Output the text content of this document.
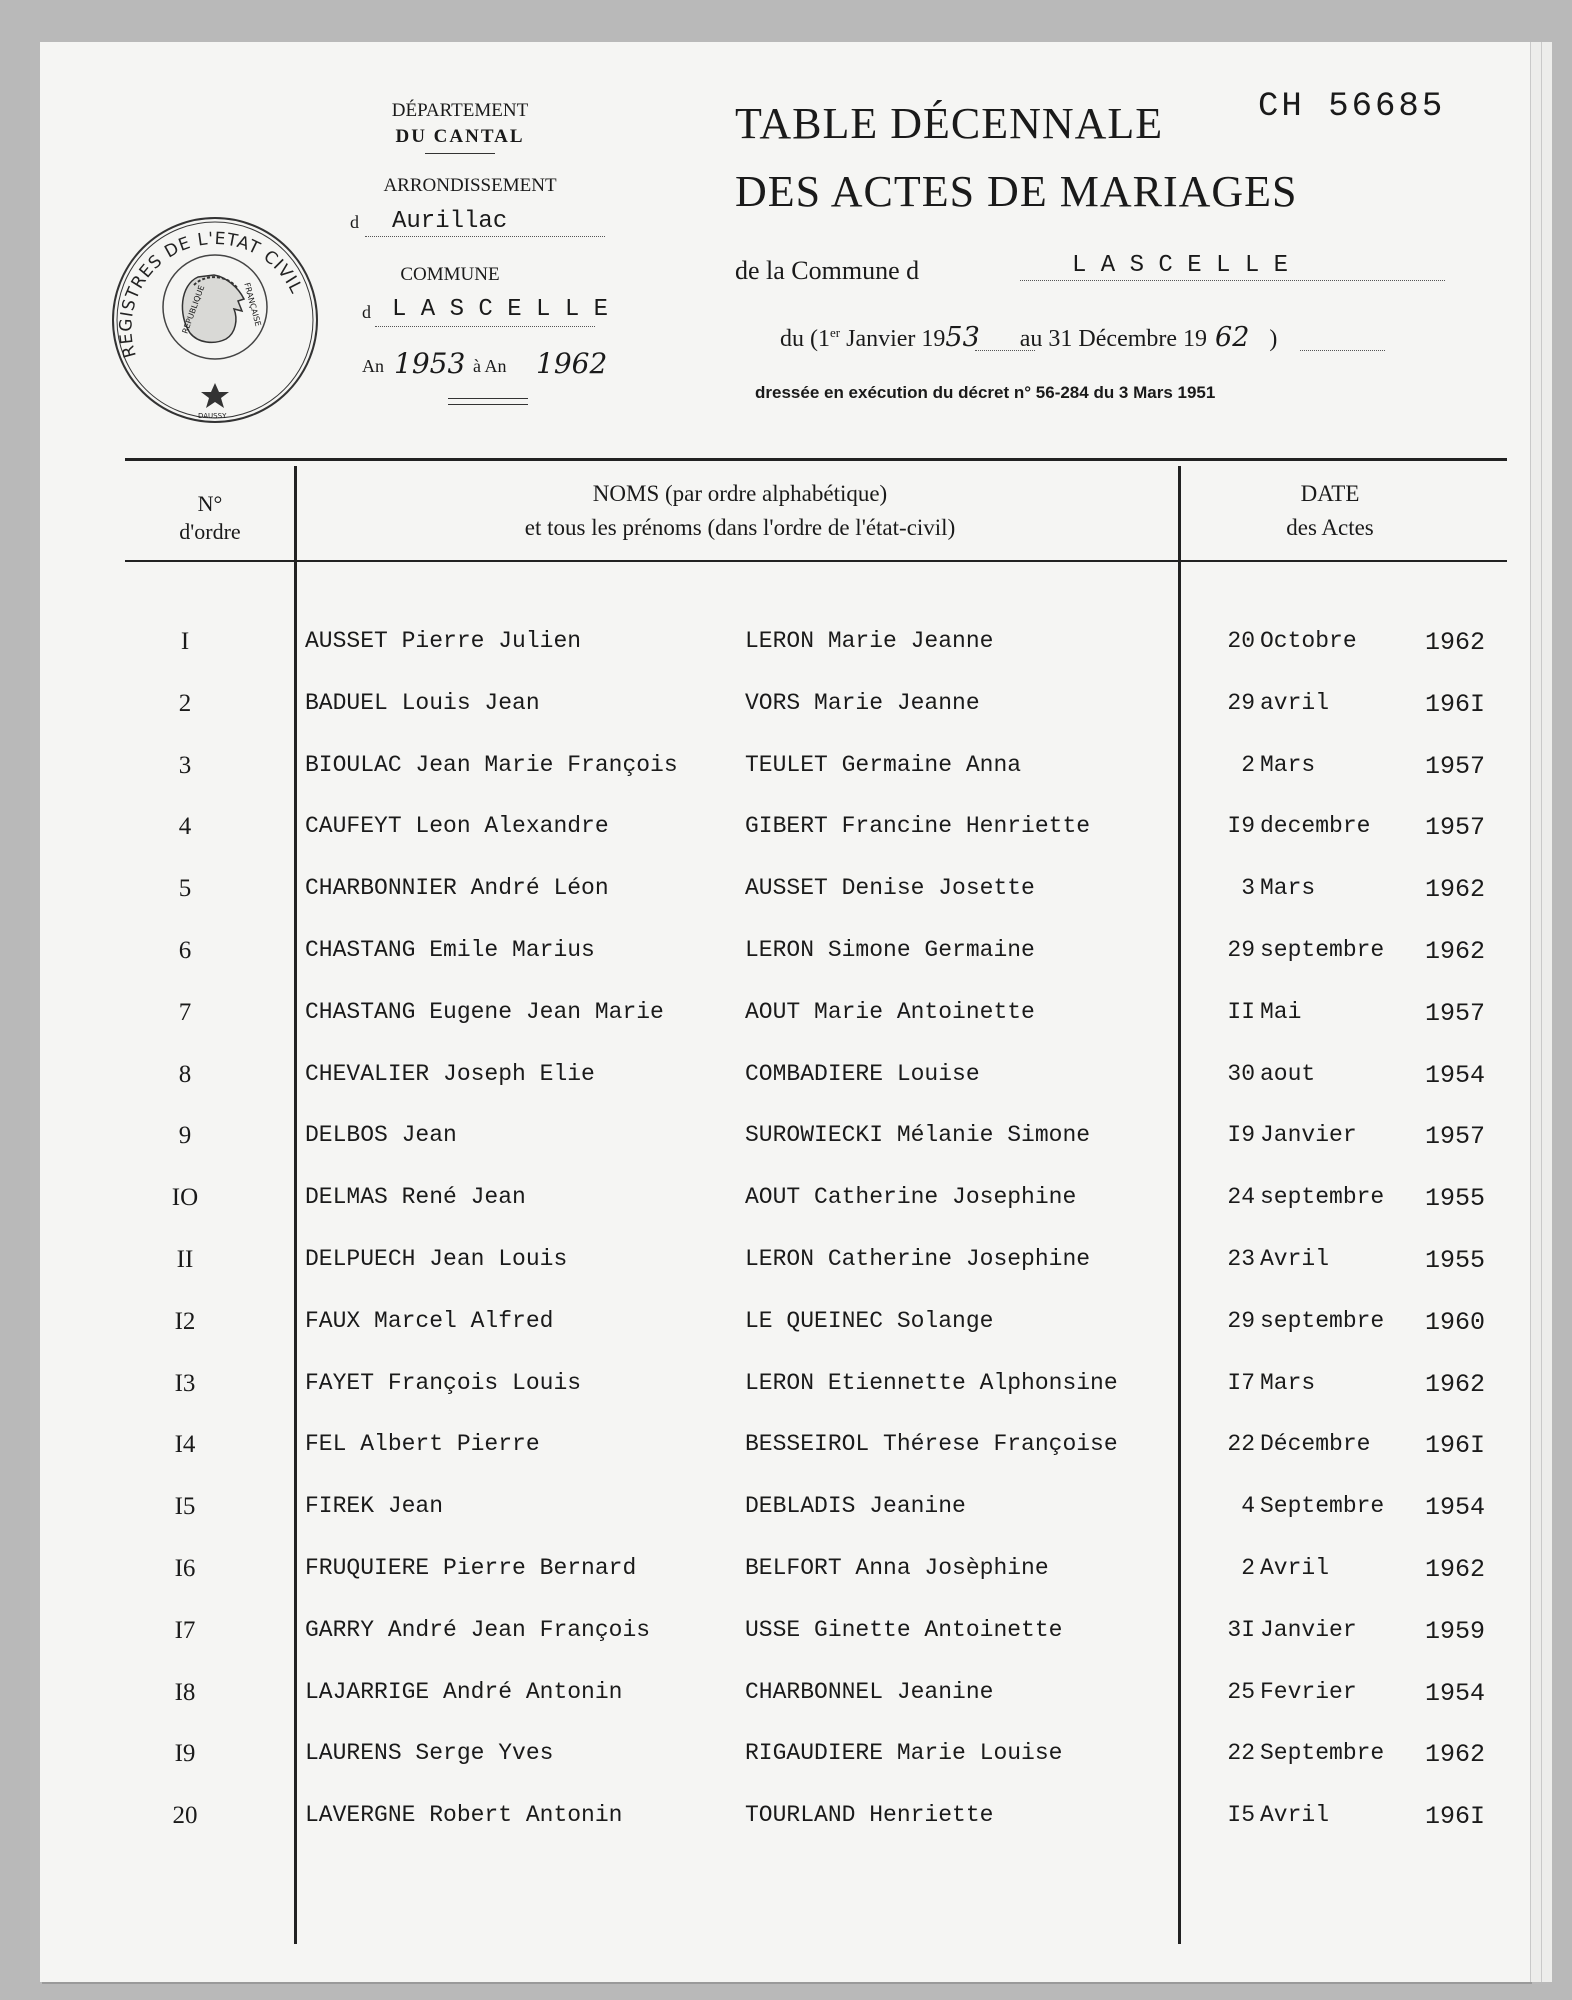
REGISTRES DE L'ETAT CIVIL
REPUBLIQUE	FRANÇAISE
DAUSSY
DÉPARTEMENT
DU CANTAL
ARRONDISSEMENT
d Aurillac
COMMUNE
d L A S C E L L E
An 1953 à An 1962
TABLE DÉCENNALE	CH 56685
DES ACTES DE MARIAGES
de la Commune d	L A S C E L L E
du (1er Janvier 1953 au 31 Décembre 19 62 )
dressée en exécution du décret n° 56-284 du 3 Mars 1951
N°
d'ordre
NOMS (par ordre alphabétique)
et tous les prénoms (dans l'ordre de l'état-civil)
DATE
des Actes
I	AUSSET Pierre Julien	LERON Marie Jeanne	20 Octobre	1962
2	BADUEL Louis Jean	VORS Marie Jeanne	29 avril	196I
3	BIOULAC Jean Marie François	TEULET Germaine Anna	2 Mars	1957
4	CAUFEYT Leon Alexandre	GIBERT Francine Henriette	I9 decembre 1957
5	CHARBONNIER André Léon	AUSSET Denise Josette	3 Mars	1962
6	CHASTANG Emile Marius	LERON Simone Germaine	29 septembre 1962
7	CHASTANG Eugene Jean Marie	AOUT Marie Antoinette	II Mai	1957
8	CHEVALIER Joseph Elie	COMBADIERE Louise	30 aout	1954
9	DELBOS Jean	SUROWIECKI Mélanie Simone	I9 Janvier	1957
IO	DELMAS René Jean	AOUT Catherine Josephine	24 septembre 1955
II	DELPUECH Jean Louis	LERON Catherine Josephine	23 Avril	1955
I2	FAUX Marcel Alfred	LE QUEINEC Solange	29 septembre 1960
I3	FAYET François Louis	LERON Etiennette Alphonsine	I7 Mars	1962
I4	FEL Albert Pierre	BESSEIROL Thérese Françoise	22 Décembre 196I
I5	FIREK Jean	DEBLADIS Jeanine	4 Septembre 1954
I6	FRUQUIERE Pierre Bernard	BELFORT Anna Josèphine	2 Avril	1962
I7	GARRY André Jean François	USSE Ginette Antoinette	3I Janvier	1959
I8	LAJARRIGE André Antonin	CHARBONNEL Jeanine	25 Fevrier	1954
I9	LAURENS Serge Yves	RIGAUDIERE Marie Louise	22 Septembre 1962
20	LAVERGNE Robert Antonin	TOURLAND Henriette	I5 Avril	196I
